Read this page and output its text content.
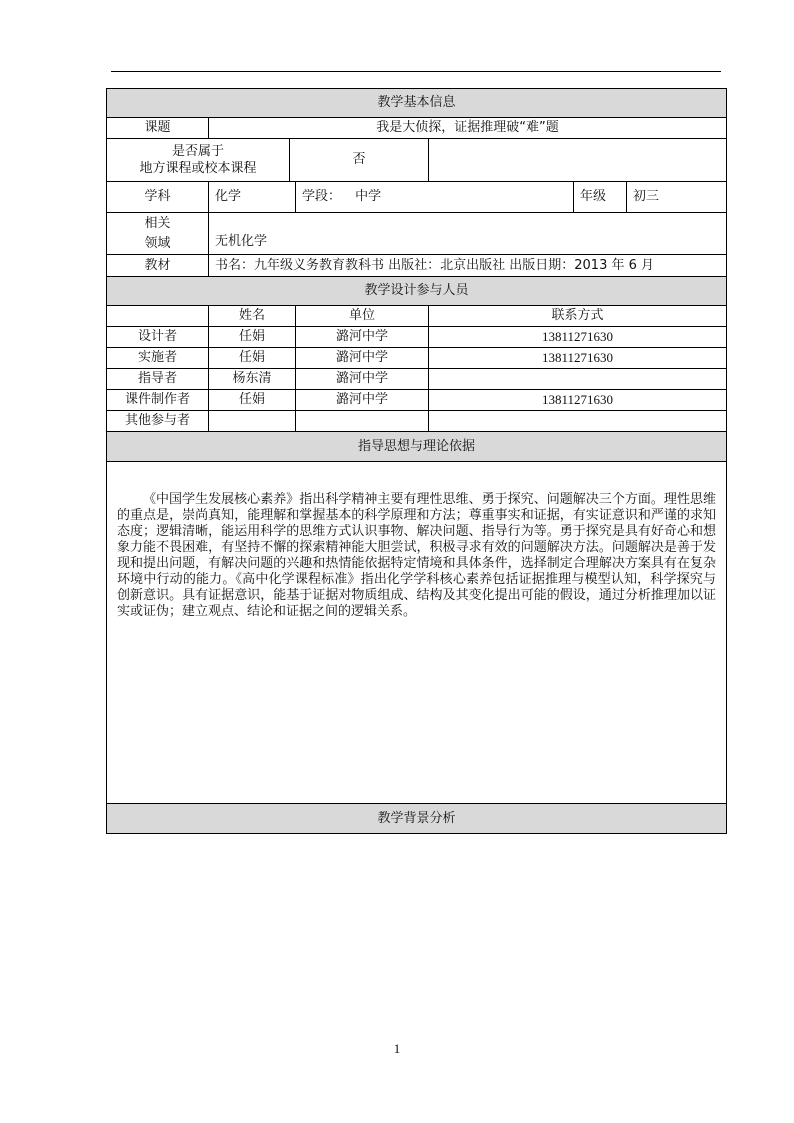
教学基本信息
课题	我是大侦探，证据推理破“难”题

是否属于
地方课程或校本课程
	否

学科	化学	学段： 中学	年级	初三

相关
领域	无机化学
教材	书名：九年级义务教育教科书 出版社：北京出版社 出版日期：2013 年 6 月
教学设计参与人员
	姓名	单位	联系方式
设计者	任娟	潞河中学	13811271630
实施者	任娟	潞河中学	13811271630
指导者	杨东清	潞河中学	
课件制作者	任娟	潞河中学	13811271630
其他参与者			
指导思想与理论依据
《中国学生发展核心素养》指出科学精神主要有理性思维、勇于探究、问题解决三个方面。理性思维的重点是，崇尚真知，能理解和掌握基本的科学原理和方法；尊重事实和证据，有实证意识和严谨的求知态度；逻辑清晰，能运用科学的思维方式认识事物、解决问题、指导行为等。勇于探究是具有好奇心和想象力能不畏困难，有坚持不懈的探索精神能大胆尝试，积极寻求有效的问题解决方法。问题解决是善于发现和提出问题，有解决问题的兴趣和热情能依据特定情境和具体条件，选择制定合理解决方案具有在复杂环境中行动的能力。《高中化学课程标准》指出化学学科核心素养包括证据推理与模型认知，科学探究与创新意识。具有证据意识，能基于证据对物质组成、结构及其变化提出可能的假设，通过分析推理加以证实或证伪；建立观点、结论和证据之间的逻辑关系。
教学背景分析
1
